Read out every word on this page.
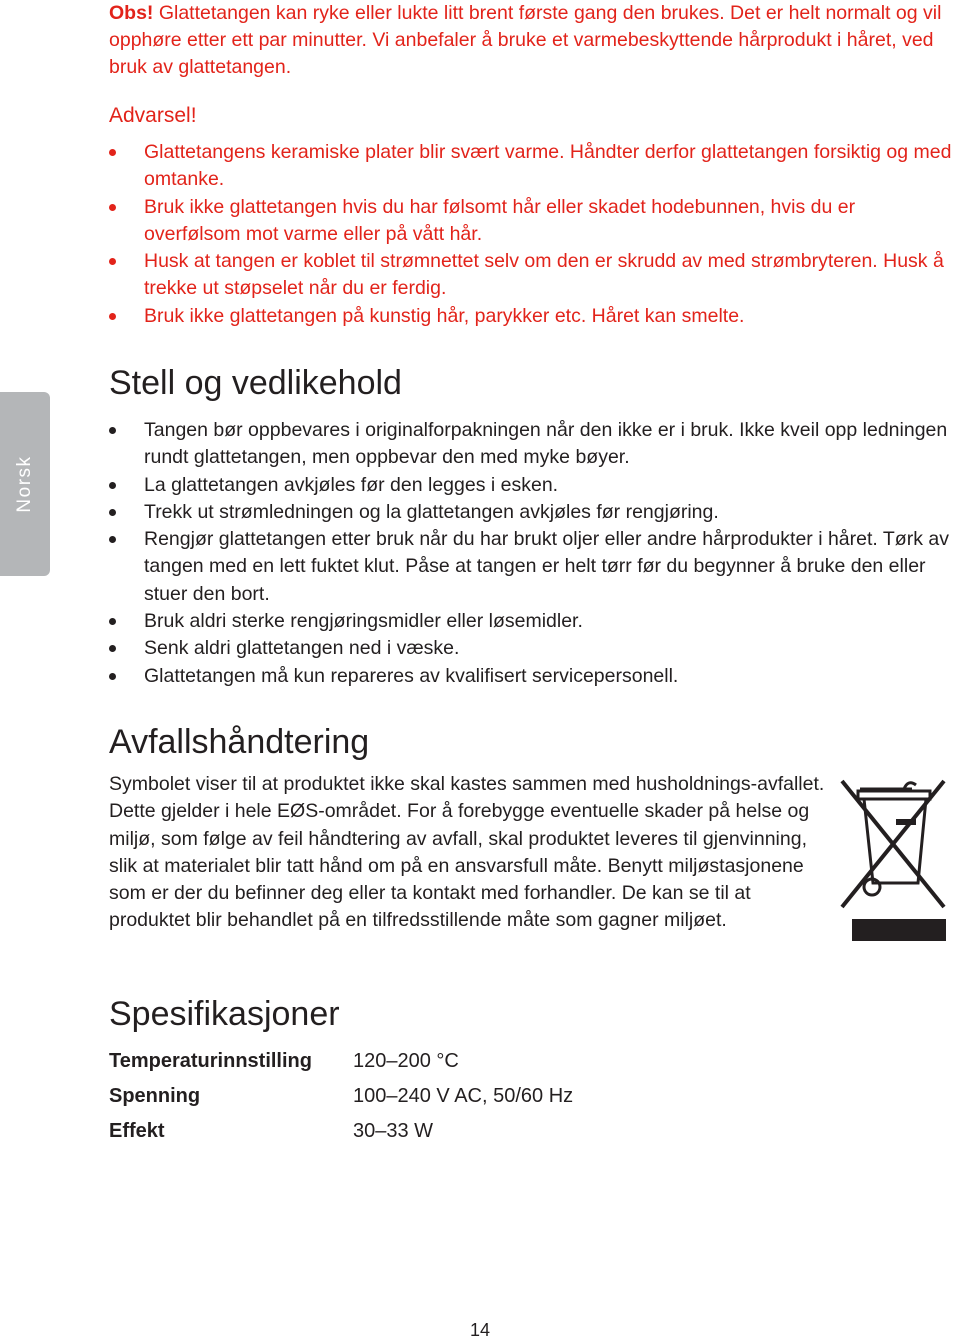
Norsk

Obs! Glattetangen kan ryke eller lukte litt brent første gang den brukes. Det er helt normalt og vil opphøre etter ett par minutter. Vi anbefaler å bruke et varmebeskyttende hårprodukt i håret, ved bruk av glattetangen.

Advarsel!
Glattetangens keramiske plater blir svært varme. Håndter derfor glattetangen forsiktig og med omtanke.
Bruk ikke glattetangen hvis du har følsomt hår eller skadet hodebunnen, hvis du er overfølsom mot varme eller på vått hår.
Husk at tangen er koblet til strømnettet selv om den er skrudd av med strømbryteren. Husk å trekke ut støpselet når du er ferdig.
Bruk ikke glattetangen på kunstig hår, parykker etc. Håret kan smelte.
Stell og vedlikehold
Tangen bør oppbevares i originalforpakningen når den ikke er i bruk. Ikke kveil opp ledningen rundt glattetangen, men oppbevar den med myke bøyer.
La glattetangen avkjøles før den legges i esken.
Trekk ut strømledningen og la glattetangen avkjøles før rengjøring.
Rengjør glattetangen etter bruk når du har brukt oljer eller andre hårprodukter i håret. Tørk av tangen med en lett fuktet klut. Påse at tangen er helt tørr før du begynner å bruke den eller stuer den bort.
Bruk aldri sterke rengjøringsmidler eller løsemidler.
Senk aldri glattetangen ned i væske.
Glattetangen må kun repareres av kvalifisert servicepersonell.
Avfallshåndtering

Symbolet viser til at produktet ikke skal kastes sammen med husholdnings-avfallet. Dette gjelder i hele EØS-området. For å forebygge eventuelle skader på helse og miljø, som følge av feil håndtering av avfall, skal produktet leveres til gjenvinning, slik at materialet blir tatt hånd om på en ansvarsfull måte. Benytt miljøstasjonene som er der du befinner deg eller ta kontakt med forhandler. De kan se til at produktet blir behandlet på en tilfredsstillende måte som gagner miljøet.

Spesifikasjoner
Temperaturinnstilling	120–200 °C
Spenning	100–240 V AC, 50/60 Hz
Effekt	30–33 W
14
